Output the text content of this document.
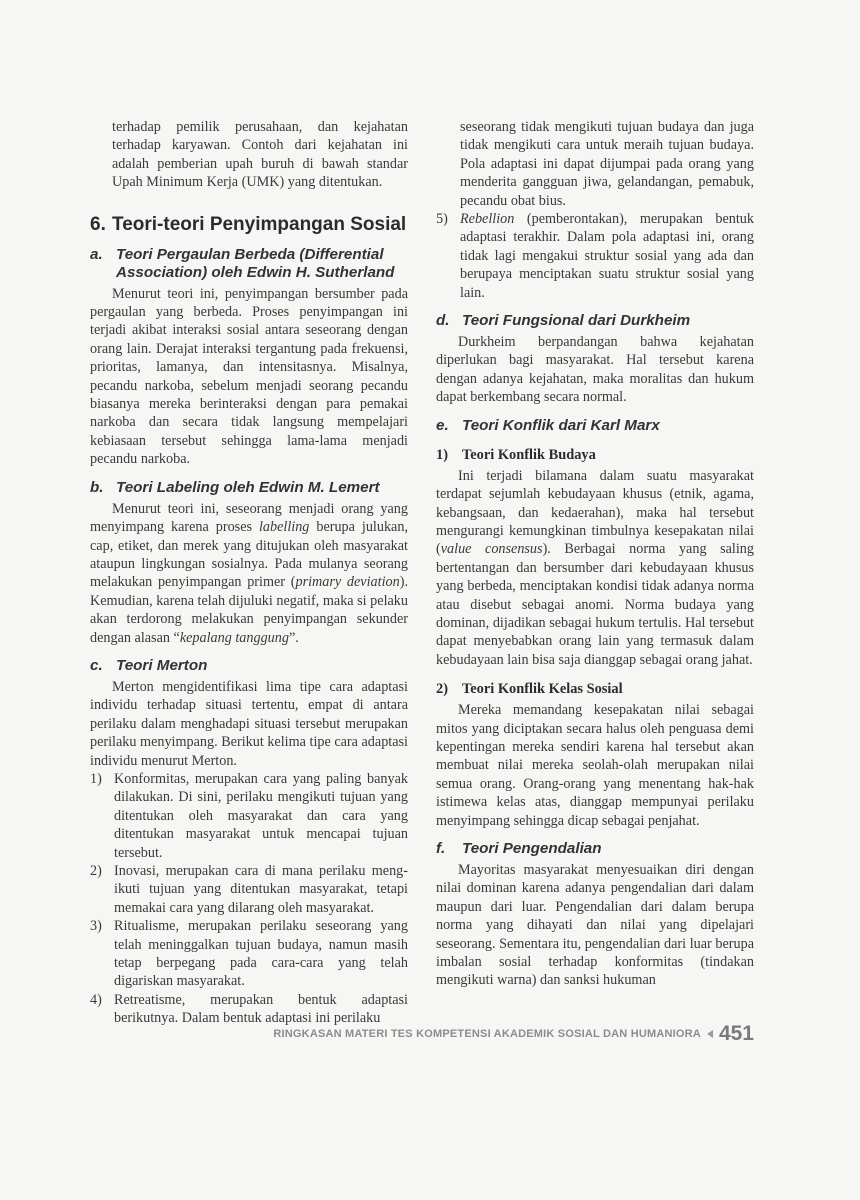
terhadap pemilik perusahaan, dan kejahatan terhadap karyawan. Contoh dari kejahatan ini adalah pemberian upah buruh di bawah standar Upah Minimum Kerja (UMK) yang ditentukan.

6. Teori-teori Penyimpangan Sosial
a. Teori Pergaulan Berbeda (Differential Association) oleh Edwin H. Sutherland

Menurut teori ini, penyimpangan bersumber pada pergaulan yang berbeda. Proses penyimpangan ini terjadi akibat interaksi sosial antara seseorang dengan orang lain. Derajat interaksi tergantung pada frekuensi, prioritas, lamanya, dan intensitasnya. Misalnya, pecandu narkoba, sebelum menjadi seorang pecandu biasanya mereka berinteraksi dengan para pemakai narkoba dan secara tidak langsung mempelajari kebiasaan tersebut sehingga lama-lama menjadi pecandu narkoba.

b. Teori Labeling oleh Edwin M. Lemert

Menurut teori ini, seseorang menjadi orang yang menyimpang karena proses labelling berupa julukan, cap, etiket, dan merek yang ditujukan oleh masyarakat ataupun lingkungan sosialnya. Pada mulanya seorang melakukan penyimpangan primer (primary deviation). Kemudian, karena telah dijuluki negatif, maka si pelaku akan terdorong melakukan penyimpangan sekunder dengan alasan “kepalang tanggung”.

c. Teori Merton

Merton mengidentifikasi lima tipe cara adaptasi individu terhadap situasi tertentu, empat di antara perilaku dalam menghadapi situasi tersebut merupakan perilaku menyimpang. Berikut kelima tipe cara adaptasi individu menurut Merton.

1) Konformitas, merupakan cara yang paling banyak dilakukan. Di sini, perilaku mengikuti tujuan yang ditentukan oleh masyarakat dan cara yang ditentukan masyarakat untuk mencapai tujuan tersebut.
2) Inovasi, merupakan cara di mana perilaku meng-ikuti tujuan yang ditentukan masyarakat, tetapi memakai cara yang dilarang oleh masyarakat.
3) Ritualisme, merupakan perilaku seseorang yang telah meninggalkan tujuan budaya, namun masih tetap berpegang pada cara-cara yang telah digariskan masyarakat.
4) Retreatisme, merupakan bentuk adaptasi berikutnya. Dalam bentuk adaptasi ini perilaku

seseorang tidak mengikuti tujuan budaya dan juga tidak mengikuti cara untuk meraih tujuan budaya. Pola adaptasi ini dapat dijumpai pada orang yang menderita gangguan jiwa, gelandangan, pemabuk, pecandu obat bius.

5) Rebellion (pemberontakan), merupakan bentuk adaptasi terakhir. Dalam pola adaptasi ini, orang tidak lagi mengakui struktur sosial yang ada dan berupaya menciptakan suatu struktur sosial yang lain.
d. Teori Fungsional dari Durkheim

Durkheim berpandangan bahwa kejahatan diperlukan bagi masyarakat. Hal tersebut karena dengan adanya kejahatan, maka moralitas dan hukum dapat berkembang secara normal.

e. Teori Konflik dari Karl Marx
1) Teori Konflik Budaya

Ini terjadi bilamana dalam suatu masyarakat terdapat sejumlah kebudayaan khusus (etnik, agama, kebangsaan, dan kedaerahan), maka hal tersebut mengurangi kemungkinan timbulnya kesepakatan nilai (value consensus). Berbagai norma yang saling bertentangan dan bersumber dari kebudayaan khusus yang berbeda, menciptakan kondisi tidak adanya norma atau disebut sebagai anomi. Norma budaya yang dominan, dijadikan sebagai hukum tertulis. Hal tersebut dapat menyebabkan orang lain yang termasuk dalam kebudayaan lain bisa saja dianggap sebagai orang jahat.

2) Teori Konflik Kelas Sosial

Mereka memandang kesepakatan nilai sebagai mitos yang diciptakan secara halus oleh penguasa demi kepentingan mereka sendiri karena hal tersebut akan membuat nilai mereka seolah-olah merupakan nilai semua orang. Orang-orang yang menentang hak-hak istimewa kelas atas, dianggap mempunyai perilaku menyimpang sehingga dicap sebagai penjahat.

f.	Teori Pengendalian

Mayoritas masyarakat menyesuaikan diri dengan nilai dominan karena adanya pengendalian dari dalam maupun dari luar. Pengendalian dari dalam berupa norma yang dihayati dan nilai yang dipelajari seseorang. Sementara itu, pengendalian dari luar berupa imbalan sosial terhadap konformitas (tindakan mengikuti warna) dan sanksi hukuman

RINGKASAN MATERI TES KOMPETENSI AKADEMIK SOSIAL DAN HUMANIORA 451
